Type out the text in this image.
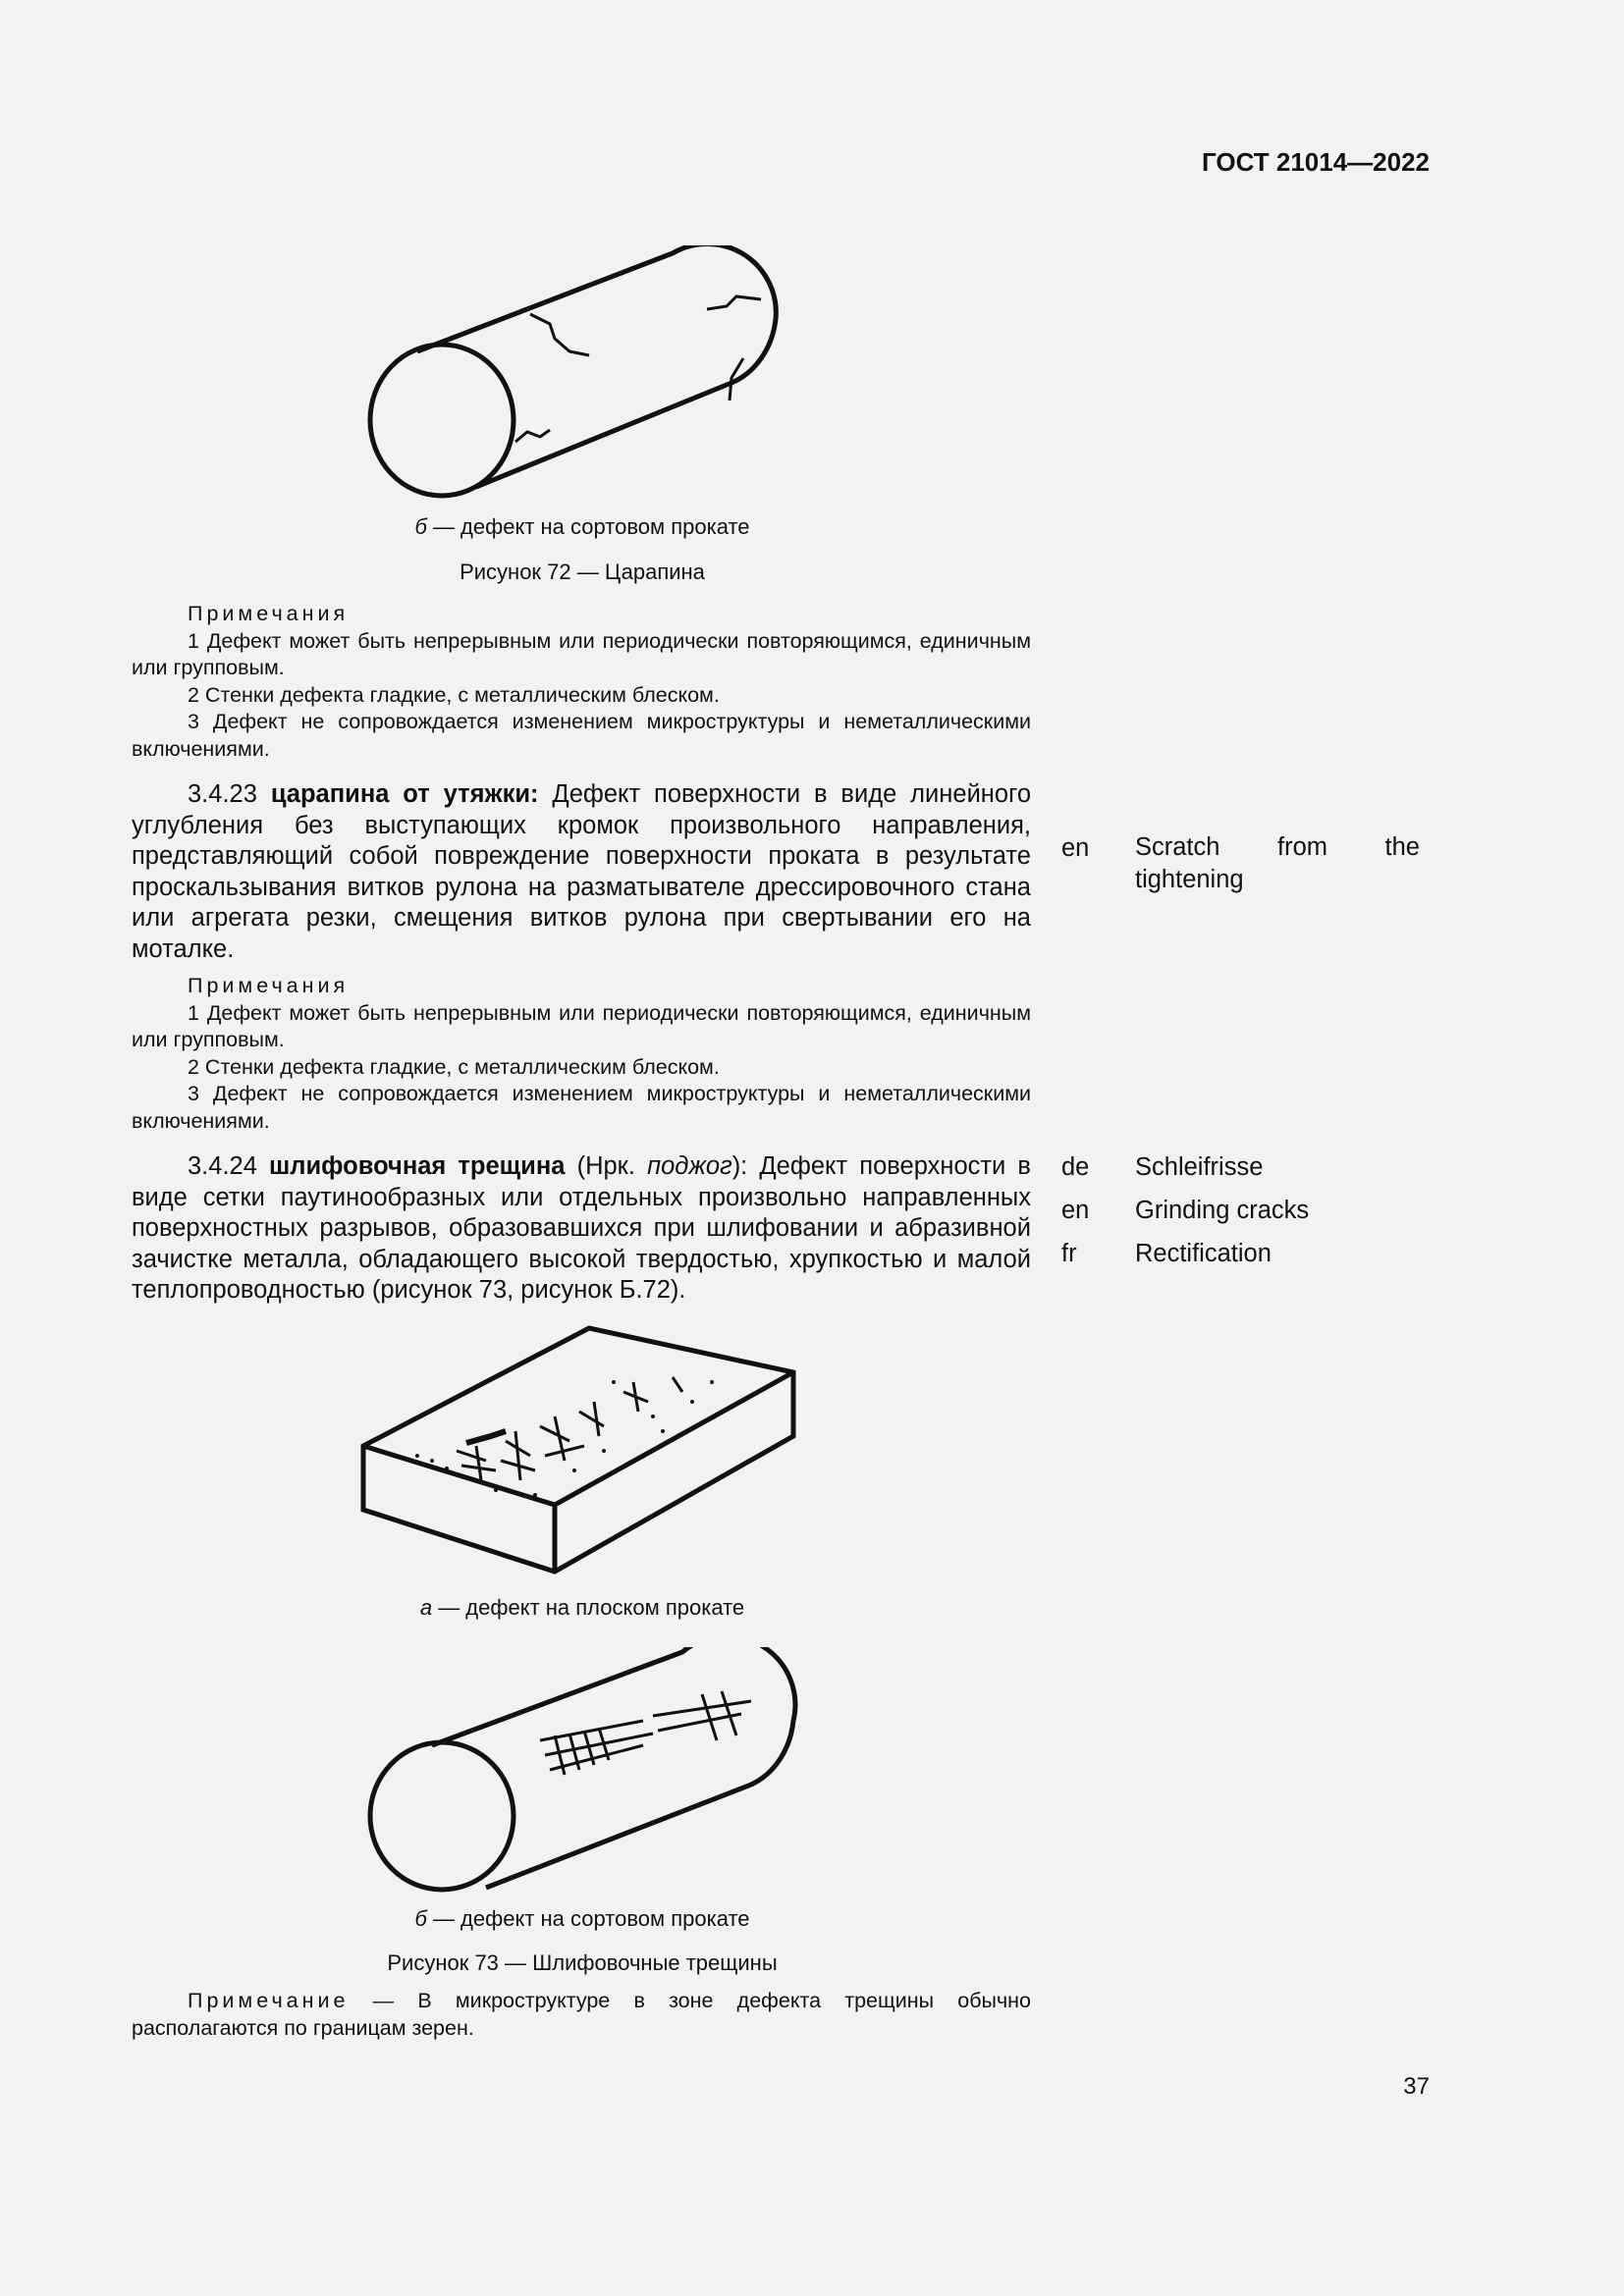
ГОСТ 21014—2022
б — дефект на сортовом прокате
Рисунок 72 — Царапина

Примечания

1 Дефект может быть непрерывным или периодически повторяющимся, единичным или групповым.

2 Стенки дефекта гладкие, с металлическим блеском.

3 Дефект не сопровождается изменением микроструктуры и неметаллическими включениями.

3.4.23 царапина от утяжки: Дефект поверхности в виде линейного углубления без выступающих кромок произвольного направления, представляющий собой повреждение поверхности проката в результате проскальзывания витков рулона на разматывателе дрессировочного стана или агрегата резки, смещения витков рулона при свертывании его на моталке.

en Scratch from the tightening

Примечания

1 Дефект может быть непрерывным или периодически повторяющимся, единичным или групповым.

2 Стенки дефекта гладкие, с металлическим блеском.

3 Дефект не сопровождается изменением микроструктуры и неметаллическими включениями.

3.4.24 шлифовочная трещина (Нрк. поджог): Дефект поверхности в виде сетки паутинообразных или отдельных произвольно направленных поверхностных разрывов, образовавшихся при шлифовании и абразивной зачистке металла, обладающего высокой твердостью, хрупкостью и малой теплопроводностью (рисунок 73, рисунок Б.72).

de
en
fr
Schleifrisse
Grinding cracks
Rectification
а — дефект на плоском прокате
б — дефект на сортовом прокате
Рисунок 73 — Шлифовочные трещины

Примечание — В микроструктуре в зоне дефекта трещины обычно располагаются по границам зерен.

37
